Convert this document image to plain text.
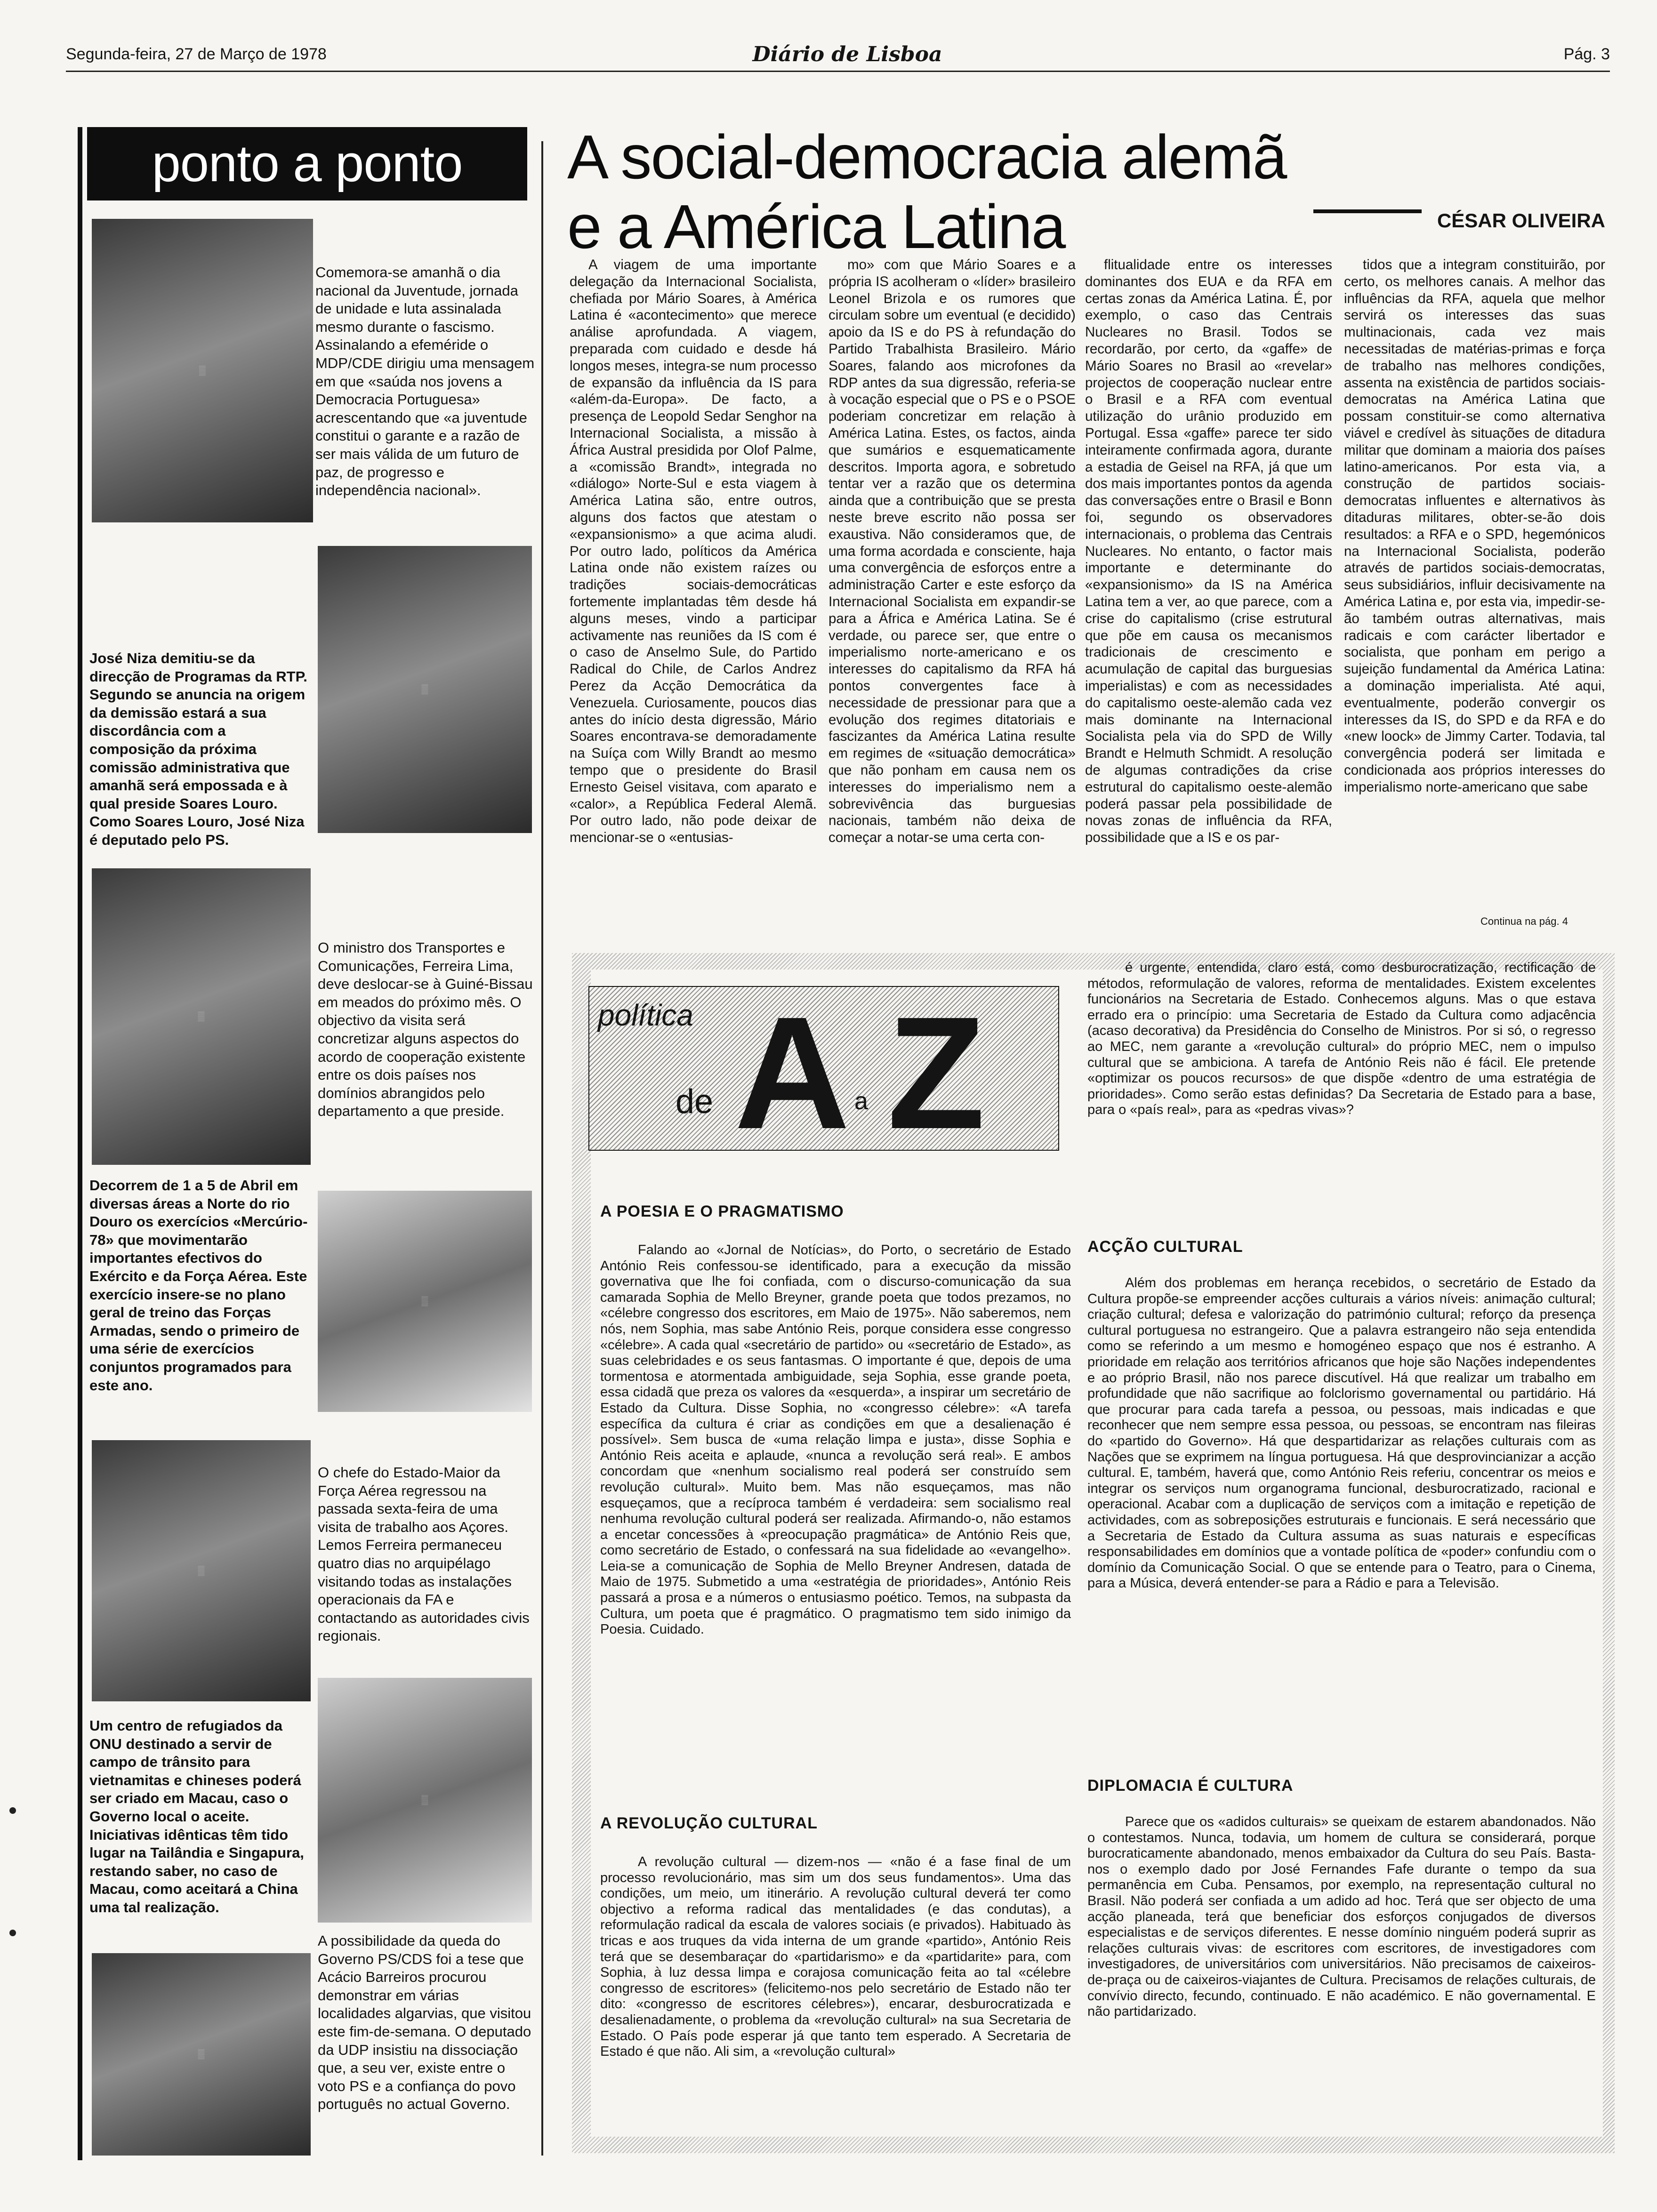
Segunda-feira, 27 de Março de 1978	Diário de Lisboa	Pág. 3
ponto a ponto
▒
▒
▒
▒
▒
▒
▒
Comemora-se amanhã o dia nacional da Juventude, jornada de unidade e luta assinalada mesmo durante o fascismo. Assinalando a efeméride o MDP/CDE dirigiu uma mensagem em que «saúda nos jovens a Democracia Portuguesa» acrescentando que «a juventude constitui o garante e a razão de ser mais válida de um futuro de paz, de progresso e independência nacional».
José Niza demitiu-se da direcção de Programas da RTP. Segundo se anuncia na origem da demissão estará a sua discordância com a composição da próxima comissão administrativa que amanhã será empossada e à qual preside Soares Louro. Como Soares Louro, José Niza é deputado pelo PS.
O ministro dos Transportes e Comunicações, Ferreira Lima, deve deslocar-se à Guiné-Bissau em meados do próximo mês. O objectivo da visita será concretizar alguns aspectos do acordo de cooperação existente entre os dois países nos domínios abrangidos pelo departamento a que preside.
Decorrem de 1 a 5 de Abril em diversas áreas a Norte do rio Douro os exercícios «Mercúrio-78» que movimentarão importantes efectivos do Exército e da Força Aérea. Este exercício insere-se no plano geral de treino das Forças Armadas, sendo o primeiro de uma série de exercícios conjuntos programados para este ano.
O chefe do Estado-Maior da Força Aérea regressou na passada sexta-feira de uma visita de trabalho aos Açores. Lemos Ferreira permaneceu quatro dias no arquipélago visitando todas as instalações operacionais da FA e contactando as autoridades civis regionais.
Um centro de refugiados da ONU destinado a servir de campo de trânsito para vietnamitas e chineses poderá ser criado em Macau, caso o Governo local o aceite. Iniciativas idênticas têm tido lugar na Tailândia e Singapura, restando saber, no caso de Macau, como aceitará a China uma tal realização.
A possibilidade da queda do Governo PS/CDS foi a tese que Acácio Barreiros procurou demonstrar em várias localidades algarvias, que visitou este fim-de-semana. O deputado da UDP insistiu na dissociação que, a seu ver, existe entre o voto PS e a confiança do povo português no actual Governo.
A social-democracia alemã
e a América Latina	CÉSAR OLIVEIRA

A viagem de uma importante delegação da Internacional Socialista, chefiada por Mário Soares, à América Latina é «acontecimento» que merece análise aprofundada. A viagem, preparada com cuidado e desde há longos meses, integra-se num processo de expansão da influência da IS para «além-da-Europa». De facto, a presença de Leopold Sedar Senghor na Internacional Socialista, a missão à África Austral presidida por Olof Palme, a «comissão Brandt», integrada no «diálogo» Norte-Sul e esta viagem à América Latina são, entre outros, alguns dos factos que atestam o «expansionismo» a que acima aludi. Por outro lado, políticos da América Latina onde não existem raízes ou tradições sociais-democráticas fortemente implantadas têm desde há alguns meses, vindo a participar activamente nas reuniões da IS com é o caso de Anselmo Sule, do Partido Radical do Chile, de Carlos Andrez Perez da Acção Democrática da Venezuela. Curiosamente, poucos dias antes do início desta digressão, Mário Soares encontrava-se demoradamente na Suíça com Willy Brandt ao mesmo tempo que o presidente do Brasil Ernesto Geisel visitava, com aparato e «calor», a República Federal Alemã. Por outro lado, não pode deixar de mencionar-se o «entusias-

mo» com que Mário Soares e a própria IS acolheram o «líder» brasileiro Leonel Brizola e os rumores que circulam sobre um eventual (e decidido) apoio da IS e do PS à refundação do Partido Trabalhista Brasileiro. Mário Soares, falando aos microfones da RDP antes da sua digressão, referia-se à vocação especial que o PS e o PSOE poderiam concretizar em relação à América Latina. Estes, os factos, ainda que sumários e esquematicamente descritos. Importa agora, e sobretudo tentar ver a razão que os determina ainda que a contribuição que se presta neste breve escrito não possa ser exaustiva. Não consideramos que, de uma forma acordada e consciente, haja uma convergência de esforços entre a administração Carter e este esforço da Internacional Socialista em expandir-se para a África e América Latina. Se é verdade, ou parece ser, que entre o imperialismo norte-americano e os interesses do capitalismo da RFA há pontos convergentes face à necessidade de pressionar para que a evolução dos regimes ditatoriais e fascizantes da América Latina resulte em regimes de «situação democrática» que não ponham em causa nem os interesses do imperialismo nem a sobrevivência das burguesias nacionais, também não deixa de começar a notar-se uma certa con-

flitualidade entre os interesses dominantes dos EUA e da RFA em certas zonas da América Latina. É, por exemplo, o caso das Centrais Nucleares no Brasil. Todos se recordarão, por certo, da «gaffe» de Mário Soares no Brasil ao «revelar» projectos de cooperação nuclear entre o Brasil e a RFA com eventual utilização do urânio produzido em Portugal. Essa «gaffe» parece ter sido inteiramente confirmada agora, durante a estadia de Geisel na RFA, já que um dos mais importantes pontos da agenda das conversações entre o Brasil e Bonn foi, segundo os observadores internacionais, o problema das Centrais Nucleares. No entanto, o factor mais importante e determinante do «expansionismo» da IS na América Latina tem a ver, ao que parece, com a crise do capitalismo (crise estrutural que põe em causa os mecanismos tradicionais de crescimento e acumulação de capital das burguesias imperialistas) e com as necessidades do capitalismo oeste-alemão cada vez mais dominante na Internacional Socialista pela via do SPD de Willy Brandt e Helmuth Schmidt. A resolução de algumas contradições da crise estrutural do capitalismo oeste-alemão poderá passar pela possibilidade de novas zonas de influência da RFA, possibilidade que a IS e os par-

tidos que a integram constituirão, por certo, os melhores canais. A melhor das influências da RFA, aquela que melhor servirá os interesses das suas multinacionais, cada vez mais necessitadas de matérias-primas e força de trabalho nas melhores condições, assenta na existência de partidos sociais-democratas na América Latina que possam constituir-se como alternativa viável e credível às situações de ditadura militar que dominam a maioria dos países latino-americanos. Por esta via, a construção de partidos sociais-democratas influentes e alternativos às ditaduras militares, obter-se-ão dois resultados: a RFA e o SPD, hegemónicos na Internacional Socialista, poderão através de partidos sociais-democratas, seus subsidiários, influir decisivamente na América Latina e, por esta via, impedir-se-ão também outras alternativas, mais radicais e com carácter libertador e socialista, que ponham em perigo a sujeição fundamental da América Latina: a dominação imperialista. Até aqui, eventualmente, poderão convergir os interesses da IS, do SPD e da RFA e do «new loock» de Jimmy Carter. Todavia, tal convergência poderá ser limitada e condicionada aos próprios interesses do imperialismo norte-americano que sabe

Continua na pág. 4
política
de A a Z
A POESIA E O PRAGMATISMO

Falando ao «Jornal de Notícias», do Porto, o secretário de Estado António Reis confessou-se identificado, para a execução da missão governativa que lhe foi confiada, com o discurso-comunicação da sua camarada Sophia de Mello Breyner, grande poeta que todos prezamos, no «célebre congresso dos escritores, em Maio de 1975». Não saberemos, nem nós, nem Sophia, mas sabe António Reis, porque considera esse congresso «célebre». A cada qual «secretário de partido» ou «secretário de Estado», as suas celebridades e os seus fantasmas. O importante é que, depois de uma tormentosa e atormentada ambiguidade, seja Sophia, esse grande poeta, essa cidadã que preza os valores da «esquerda», a inspirar um secretário de Estado da Cultura. Disse Sophia, no «congresso célebre»: «A tarefa específica da cultura é criar as condições em que a desalienação é possível». Sem busca de «uma relação limpa e justa», disse Sophia e António Reis aceita e aplaude, «nunca a revolução será real». E ambos concordam que «nenhum socialismo real poderá ser construído sem revolução cultural». Muito bem. Mas não esqueçamos, mas não esqueçamos, que a recíproca também é verdadeira: sem socialismo real nenhuma revolução cultural poderá ser realizada. Afirmando-o, não estamos a encetar concessões à «preocupação pragmática» de António Reis que, como secretário de Estado, o confessará na sua fidelidade ao «evangelho». Leia-se a comunicação de Sophia de Mello Breyner Andresen, datada de Maio de 1975. Submetido a uma «estratégia de prioridades», António Reis passará a prosa e a números o entusiasmo poético. Temos, na subpasta da Cultura, um poeta que é pragmático. O pragmatismo tem sido inimigo da Poesia. Cuidado.

A REVOLUÇÃO CULTURAL

A revolução cultural — dizem-nos — «não é a fase final de um processo revolucionário, mas sim um dos seus fundamentos». Uma das condições, um meio, um itinerário. A revolução cultural deverá ter como objectivo a reforma radical das mentalidades (e das condutas), a reformulação radical da escala de valores sociais (e privados). Habituado às tricas e aos truques da vida interna de um grande «partido», António Reis terá que se desembaraçar do «partidarismo» e da «partidarite» para, com Sophia, à luz dessa limpa e corajosa comunicação feita ao tal «célebre congresso de escritores» (felicitemo-nos pelo secretário de Estado não ter dito: «congresso de escritores célebres»), encarar, desburocratizada e desalienadamente, o problema da «revolução cultural» na sua Secretaria de Estado. O País pode esperar já que tanto tem esperado. A Secretaria de Estado é que não. Ali sim, a «revolução cultural»

é urgente, entendida, claro está, como desburocratização, rectificação de métodos, reformulação de valores, reforma de mentalidades. Existem excelentes funcionários na Secretaria de Estado. Conhecemos alguns. Mas o que estava errado era o princípio: uma Secretaria de Estado da Cultura como adjacência (acaso decorativa) da Presidência do Conselho de Ministros. Por si só, o regresso ao MEC, nem garante a «revolução cultural» do próprio MEC, nem o impulso cultural que se ambiciona. A tarefa de António Reis não é fácil. Ele pretende «optimizar os poucos recursos» de que dispõe «dentro de uma estratégia de prioridades». Como serão estas definidas? Da Secretaria de Estado para a base, para o «país real», para as «pedras vivas»?

ACÇÃO CULTURAL

Além dos problemas em herança recebidos, o secretário de Estado da Cultura propõe-se empreender acções culturais a vários níveis: animação cultural; criação cultural; defesa e valorização do património cultural; reforço da presença cultural portuguesa no estrangeiro. Que a palavra estrangeiro não seja entendida como se referindo a um mesmo e homogéneo espaço que nos é estranho. A prioridade em relação aos territórios africanos que hoje são Nações independentes e ao próprio Brasil, não nos parece discutível. Há que realizar um trabalho em profundidade que não sacrifique ao folclorismo governamental ou partidário. Há que procurar para cada tarefa a pessoa, ou pessoas, mais indicadas e que reconhecer que nem sempre essa pessoa, ou pessoas, se encontram nas fileiras do «partido do Governo». Há que despartidarizar as relações culturais com as Nações que se exprimem na língua portuguesa. Há que desprovincianizar a acção cultural. E, também, haverá que, como António Reis referiu, concentrar os meios e integrar os serviços num organograma funcional, desburocratizado, racional e operacional. Acabar com a duplicação de serviços com a imitação e repetição de actividades, com as sobreposições estruturais e funcionais. E será necessário que a Secretaria de Estado da Cultura assuma as suas naturais e específicas responsabilidades em domínios que a vontade política de «poder» confundiu com o domínio da Comunicação Social. O que se entende para o Teatro, para o Cinema, para a Música, deverá entender-se para a Rádio e para a Televisão.

DIPLOMACIA É CULTURA

Parece que os «adidos culturais» se queixam de estarem abandonados. Não o contestamos. Nunca, todavia, um homem de cultura se considerará, porque burocraticamente abandonado, menos embaixador da Cultura do seu País. Basta-nos o exemplo dado por José Fernandes Fafe durante o tempo da sua permanência em Cuba. Pensamos, por exemplo, na representação cultural no Brasil. Não poderá ser confiada a um adido ad hoc. Terá que ser objecto de uma acção planeada, terá que beneficiar dos esforços conjugados de diversos especialistas e de serviços diferentes. E nesse domínio ninguém poderá suprir as relações culturais vivas: de escritores com escritores, de investigadores com investigadores, de universitários com universitários. Não precisamos de caixeiros-de-praça ou de caixeiros-viajantes de Cultura. Precisamos de relações culturais, de convívio directo, fecundo, continuado. E não académico. E não governamental. E não partidarizado.
